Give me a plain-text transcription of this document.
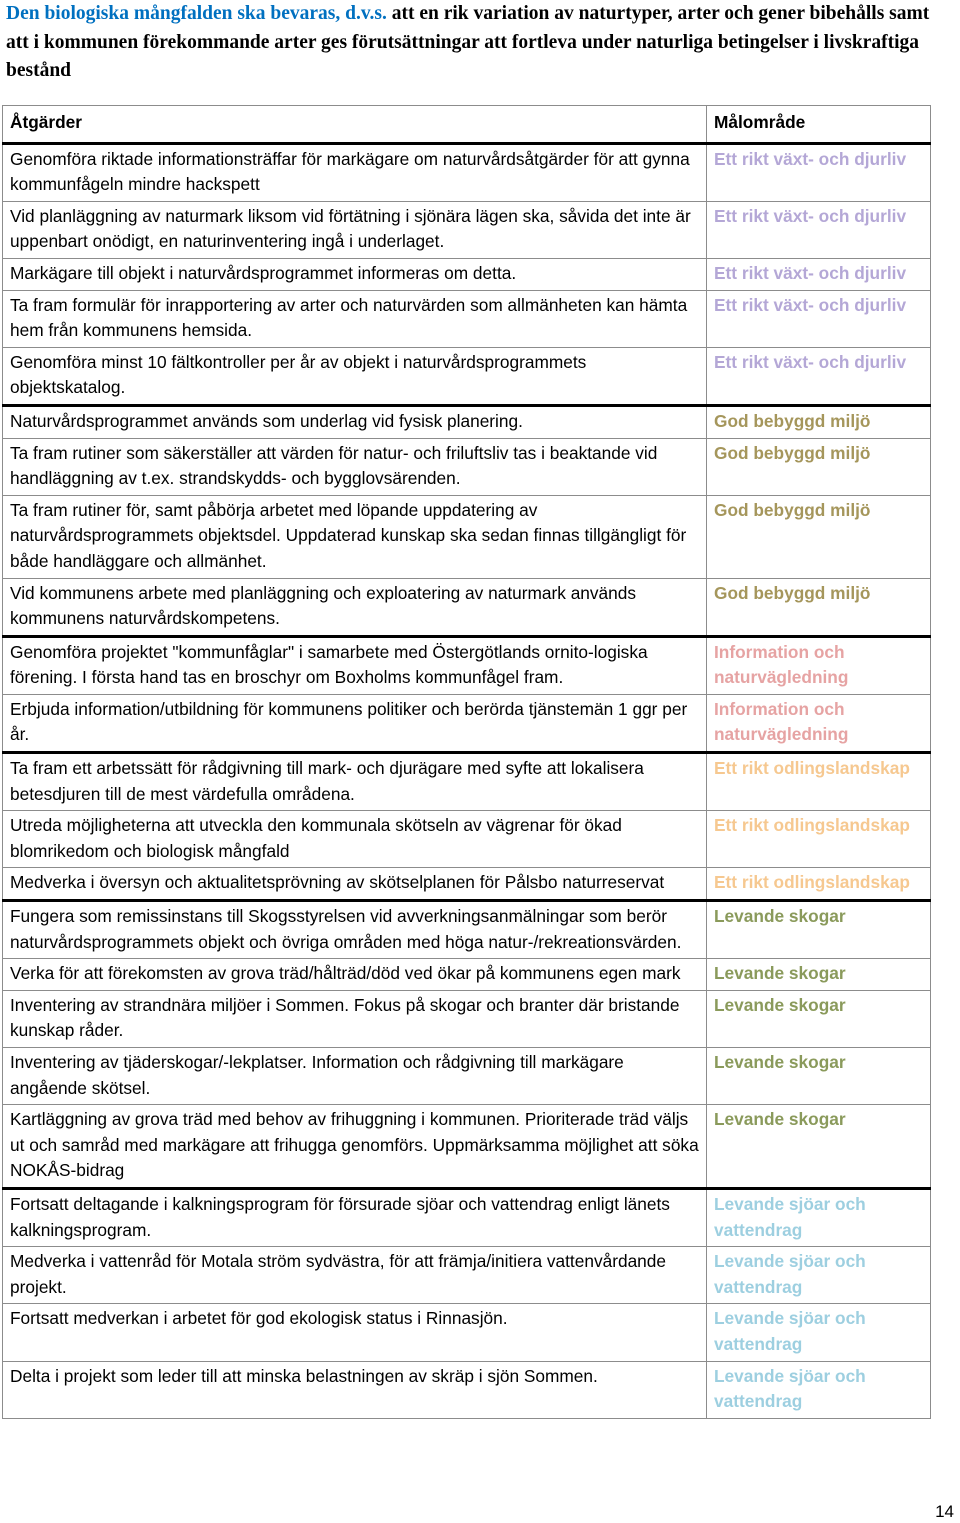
Den biologiska mångfalden ska bevaras, d.v.s. att en rik variation av naturtyper, arter och gener bibehålls samt att i kommunen förekommande arter ges förutsättningar att fortleva under naturliga betingelser i livskraftiga bestånd
Åtgärder	Målområde
Genomföra riktade informationsträffar för markägare om naturvårdsåtgärder för att gynna kommunfågeln mindre hackspett	Ett rikt växt- och djurliv
Vid planläggning av naturmark liksom vid förtätning i sjönära lägen ska, såvida det inte är uppenbart onödigt, en naturinventering ingå i underlaget.	Ett rikt växt- och djurliv
Markägare till objekt i naturvårdsprogrammet informeras om detta.	Ett rikt växt- och djurliv
Ta fram formulär för inrapportering av arter och naturvärden som allmänheten kan hämta hem från kommunens hemsida.	Ett rikt växt- och djurliv
Genomföra minst 10 fältkontroller per år av objekt i naturvårdsprogrammets objektskatalog.	Ett rikt växt- och djurliv
Naturvårdsprogrammet används som underlag vid fysisk planering.	God bebyggd miljö
Ta fram rutiner som säkerställer att värden för natur- och friluftsliv tas i beaktande vid handläggning av t.ex. strandskydds- och bygglovsärenden.	God bebyggd miljö
Ta fram rutiner för, samt påbörja arbetet med löpande uppdatering av naturvårdsprogrammets objektsdel. Uppdaterad kunskap ska sedan finnas tillgängligt för både handläggare och allmänhet.	God bebyggd miljö
Vid kommunens arbete med planläggning och exploatering av naturmark används kommunens naturvårdskompetens.	God bebyggd miljö
Genomföra projektet "kommunfåglar" i samarbete med Östergötlands ornito-logiska förening. I första hand tas en broschyr om Boxholms kommunfågel fram.	Information och naturvägledning
Erbjuda information/utbildning för kommunens politiker och berörda tjänstemän 1 ggr per år.	Information och naturvägledning
Ta fram ett arbetssätt för rådgivning till mark- och djurägare med syfte att lokalisera betesdjuren till de mest värdefulla områdena.	Ett rikt odlingslandskap
Utreda möjligheterna att utveckla den kommunala skötseln av vägrenar för ökad blomrikedom och biologisk mångfald	Ett rikt odlingslandskap
Medverka i översyn och aktualitetsprövning av skötselplanen för Pålsbo naturreservat	Ett rikt odlingslandskap
Fungera som remissinstans till Skogsstyrelsen vid avverkningsanmälningar som berör naturvårdsprogrammets objekt och övriga områden med höga natur-/rekreationsvärden.	Levande skogar
Verka för att förekomsten av grova träd/hålträd/död ved ökar på kommunens egen mark	Levande skogar
Inventering av strandnära miljöer i Sommen. Fokus på skogar och branter där bristande kunskap råder.	Levande skogar
Inventering av tjäderskogar/-lekplatser. Information och rådgivning till markägare angående skötsel.	Levande skogar
Kartläggning av grova träd med behov av frihuggning i kommunen. Prioriterade träd väljs ut och samråd med markägare att frihugga genomförs. Uppmärksamma möjlighet att söka NOKÅS-bidrag	Levande skogar
Fortsatt deltagande i kalkningsprogram för försurade sjöar och vattendrag enligt länets kalkningsprogram.	Levande sjöar och vattendrag
Medverka i vattenråd för Motala ström sydvästra, för att främja/initiera vattenvårdande projekt.	Levande sjöar och vattendrag
Fortsatt medverkan i arbetet för god ekologisk status i Rinnasjön.	Levande sjöar och vattendrag
Delta i projekt som leder till att minska belastningen av skräp i sjön Sommen.	Levande sjöar och vattendrag
14
